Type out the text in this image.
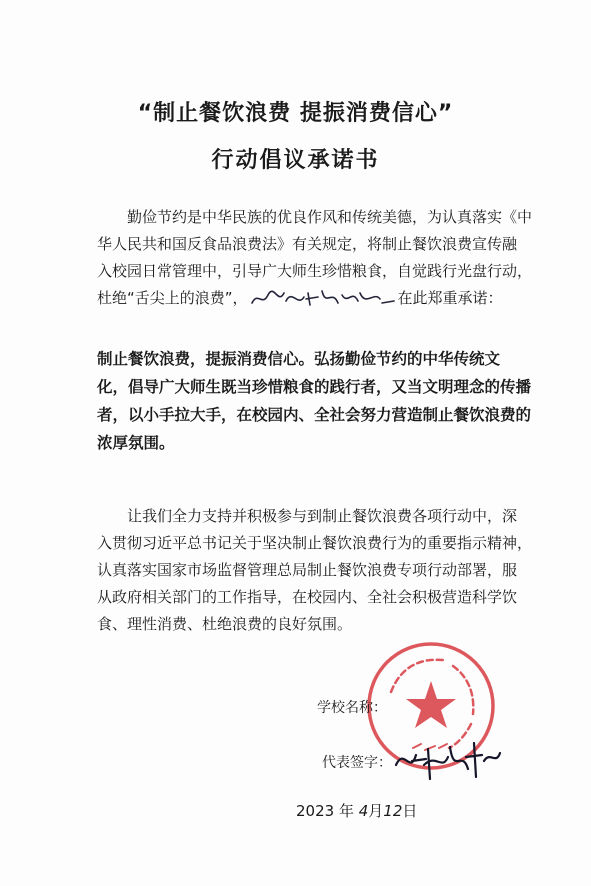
“制止餐饮浪费 提振消费信心”
行动倡议承诺书
勤俭节约是中华民族的优良作风和传统美德，为认真落实《中
华人民共和国反食品浪费法》有关规定，将制止餐饮浪费宣传融
入校园日常管理中，引导广大师生珍惜粮食，自觉践行光盘行动，
杜绝“舌尖上的浪费”，	在此郑重承诺：
制止餐饮浪费，提振消费信心。弘扬勤俭节约的中华传统文
化，倡导广大师生既当珍惜粮食的践行者，又当文明理念的传播
者，以小手拉大手，在校园内、全社会努力营造制止餐饮浪费的
浓厚氛围。
让我们全力支持并积极参与到制止餐饮浪费各项行动中，深
入贯彻习近平总书记关于坚决制止餐饮浪费行为的重要指示精神，
认真落实国家市场监督管理总局制止餐饮浪费专项行动部署，服
从政府相关部门的工作指导，在校园内、全社会积极营造科学饮
食、理性消费、杜绝浪费的良好氛围。
学校名称：
代表签字：
2023 年 4月12日
